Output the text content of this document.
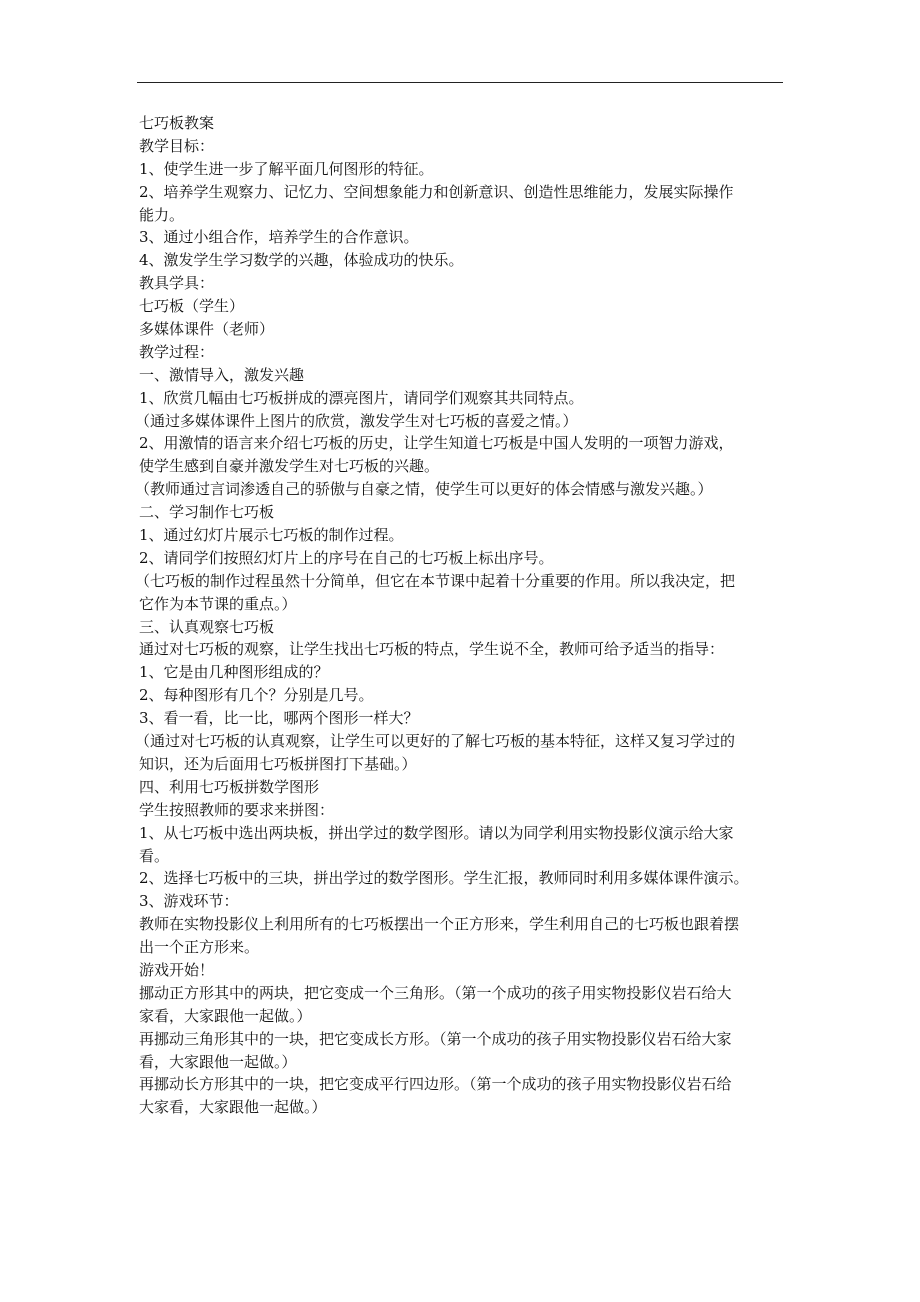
七巧板教案
教学目标：
1、使学生进一步了解平面几何图形的特征。
2、培养学生观察力、记忆力、空间想象能力和创新意识、创造性思维能力，发展实际操作
能力。
3、通过小组合作，培养学生的合作意识。
4、激发学生学习数学的兴趣，体验成功的快乐。
教具学具：
七巧板（学生）
多媒体课件（老师）
教学过程：
一、激情导入，激发兴趣
1、欣赏几幅由七巧板拼成的漂亮图片，请同学们观察其共同特点。
（通过多媒体课件上图片的欣赏，激发学生对七巧板的喜爱之情。）
2、用激情的语言来介绍七巧板的历史，让学生知道七巧板是中国人发明的一项智力游戏，
使学生感到自豪并激发学生对七巧板的兴趣。
（教师通过言词渗透自己的骄傲与自豪之情，使学生可以更好的体会情感与激发兴趣。）
二、学习制作七巧板
1、通过幻灯片展示七巧板的制作过程。
2、请同学们按照幻灯片上的序号在自己的七巧板上标出序号。
（七巧板的制作过程虽然十分简单，但它在本节课中起着十分重要的作用。所以我决定，把
它作为本节课的重点。）
三、认真观察七巧板
通过对七巧板的观察，让学生找出七巧板的特点，学生说不全，教师可给予适当的指导：
1、它是由几种图形组成的？
2、每种图形有几个？分别是几号。
3、看一看，比一比，哪两个图形一样大？
（通过对七巧板的认真观察，让学生可以更好的了解七巧板的基本特征，这样又复习学过的
知识，还为后面用七巧板拼图打下基础。）
四、利用七巧板拼数学图形
学生按照教师的要求来拼图：
1、从七巧板中选出两块板，拼出学过的数学图形。请以为同学利用实物投影仪演示给大家
看。
2、选择七巧板中的三块，拼出学过的数学图形。学生汇报，教师同时利用多媒体课件演示。
3、游戏环节：
教师在实物投影仪上利用所有的七巧板摆出一个正方形来，学生利用自己的七巧板也跟着摆
出一个正方形来。
游戏开始！
挪动正方形其中的两块，把它变成一个三角形。（第一个成功的孩子用实物投影仪岩石给大
家看，大家跟他一起做。）
再挪动三角形其中的一块，把它变成长方形。（第一个成功的孩子用实物投影仪岩石给大家
看，大家跟他一起做。）
再挪动长方形其中的一块，把它变成平行四边形。（第一个成功的孩子用实物投影仪岩石给
大家看，大家跟他一起做。）
